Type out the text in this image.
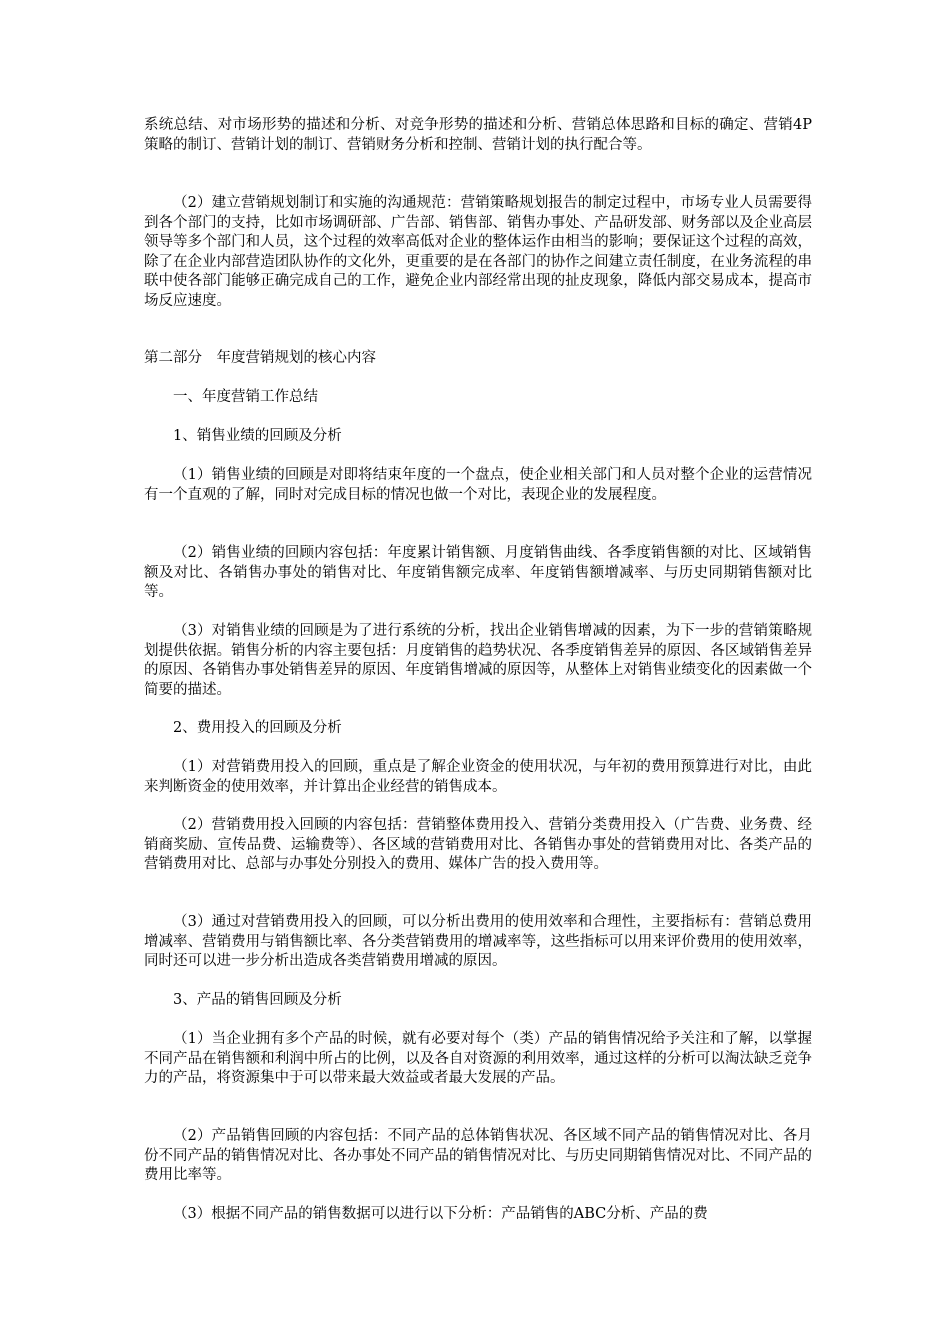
系统总结、对市场形势的描述和分析、对竞争形势的描述和分析、营销总体思路和目标的确定、营销4P策略的制订、营销计划的制订、营销财务分析和控制、营销计划的执行配合等。

（2）建立营销规划制订和实施的沟通规范：营销策略规划报告的制定过程中，市场专业人员需要得到各个部门的支持，比如市场调研部、广告部、销售部、销售办事处、产品研发部、财务部以及企业高层领导等多个部门和人员，这个过程的效率高低对企业的整体运作由相当的影响；要保证这个过程的高效，除了在企业内部营造团队协作的文化外，更重要的是在各部门的协作之间建立责任制度，在业务流程的串联中使各部门能够正确完成自己的工作，避免企业内部经常出现的扯皮现象，降低内部交易成本，提高市场反应速度。

第二部分　年度营销规划的核心内容

一、年度营销工作总结

1、销售业绩的回顾及分析

（1）销售业绩的回顾是对即将结束年度的一个盘点，使企业相关部门和人员对整个企业的运营情况有一个直观的了解，同时对完成目标的情况也做一个对比，表现企业的发展程度。

（2）销售业绩的回顾内容包括：年度累计销售额、月度销售曲线、各季度销售额的对比、区域销售额及对比、各销售办事处的销售对比、年度销售额完成率、年度销售额增减率、与历史同期销售额对比等。

（3）对销售业绩的回顾是为了进行系统的分析，找出企业销售增减的因素，为下一步的营销策略规划提供依据。销售分析的内容主要包括：月度销售的趋势状况、各季度销售差异的原因、各区域销售差异的原因、各销售办事处销售差异的原因、年度销售增减的原因等，从整体上对销售业绩变化的因素做一个简要的描述。

2、费用投入的回顾及分析

（1）对营销费用投入的回顾，重点是了解企业资金的使用状况，与年初的费用预算进行对比，由此来判断资金的使用效率，并计算出企业经营的销售成本。

（2）营销费用投入回顾的内容包括：营销整体费用投入、营销分类费用投入（广告费、业务费、经销商奖励、宣传品费、运输费等）、各区域的营销费用对比、各销售办事处的营销费用对比、各类产品的营销费用对比、总部与办事处分别投入的费用、媒体广告的投入费用等。

（3）通过对营销费用投入的回顾，可以分析出费用的使用效率和合理性，主要指标有：营销总费用增减率、营销费用与销售额比率、各分类营销费用的增减率等，这些指标可以用来评价费用的使用效率，同时还可以进一步分析出造成各类营销费用增减的原因。

3、产品的销售回顾及分析

（1）当企业拥有多个产品的时候，就有必要对每个（类）产品的销售情况给予关注和了解，以掌握不同产品在销售额和利润中所占的比例，以及各自对资源的利用效率，通过这样的分析可以淘汰缺乏竞争力的产品，将资源集中于可以带来最大效益或者最大发展的产品。

（2）产品销售回顾的内容包括：不同产品的总体销售状况、各区域不同产品的销售情况对比、各月份不同产品的销售情况对比、各办事处不同产品的销售情况对比、与历史同期销售情况对比、不同产品的费用比率等。

（3）根据不同产品的销售数据可以进行以下分析：产品销售的ABC分析、产品的费
